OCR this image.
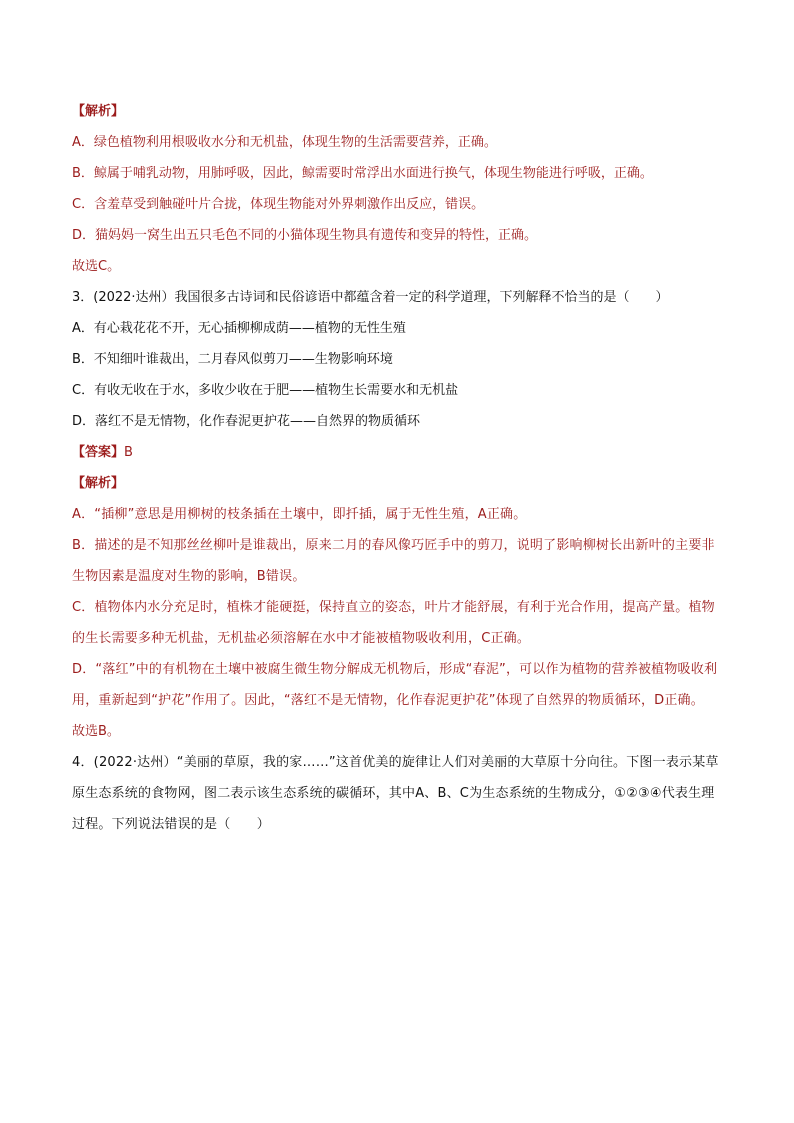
【解析】
A．绿色植物利用根吸收水分和无机盐，体现生物的生活需要营养，正确。
B．鲸属于哺乳动物，用肺呼吸，因此，鲸需要时常浮出水面进行换气，体现生物能进行呼吸，正确。
C．含羞草受到触碰叶片合拢，体现生物能对外界刺激作出反应，错误。
D．猫妈妈一窝生出五只毛色不同的小猫体现生物具有遗传和变异的特性，正确。
故选C。
3．(2022·达州）我国很多古诗词和民俗谚语中都蕴含着一定的科学道理，下列解释不恰当的是（　　）
A．有心栽花花不开，无心插柳柳成荫——植物的无性生殖
B．不知细叶谁裁出，二月春风似剪刀——生物影响环境
C．有收无收在于水，多收少收在于肥——植物生长需要水和无机盐
D．落红不是无情物，化作春泥更护花——自然界的物质循环
【答案】B
【解析】
A．“插柳”意思是用柳树的枝条插在土壤中，即扦插，属于无性生殖，A正确。
B．描述的是不知那丝丝柳叶是谁裁出，原来二月的春风像巧匠手中的剪刀，说明了影响柳树长出新叶的主要非生物因素是温度对生物的影响，B错误。
C．植物体内水分充足时，植株才能硬挺，保持直立的姿态，叶片才能舒展，有利于光合作用，提高产量。植物的生长需要多种无机盐，无机盐必须溶解在水中才能被植物吸收利用，C正确。
D．“落红”中的有机物在土壤中被腐生微生物分解成无机物后，形成“春泥”，可以作为植物的营养被植物吸收利用，重新起到“护花”作用了。因此，“落红不是无情物，化作春泥更护花”体现了自然界的物质循环，D正确。
故选B。
4．(2022·达州）“美丽的草原，我的家……”这首优美的旋律让人们对美丽的大草原十分向往。下图一表示某草原生态系统的食物网，图二表示该生态系统的碳循环，其中A、B、C为生态系统的生物成分，①②③④代表生理过程。下列说法错误的是（　　）
